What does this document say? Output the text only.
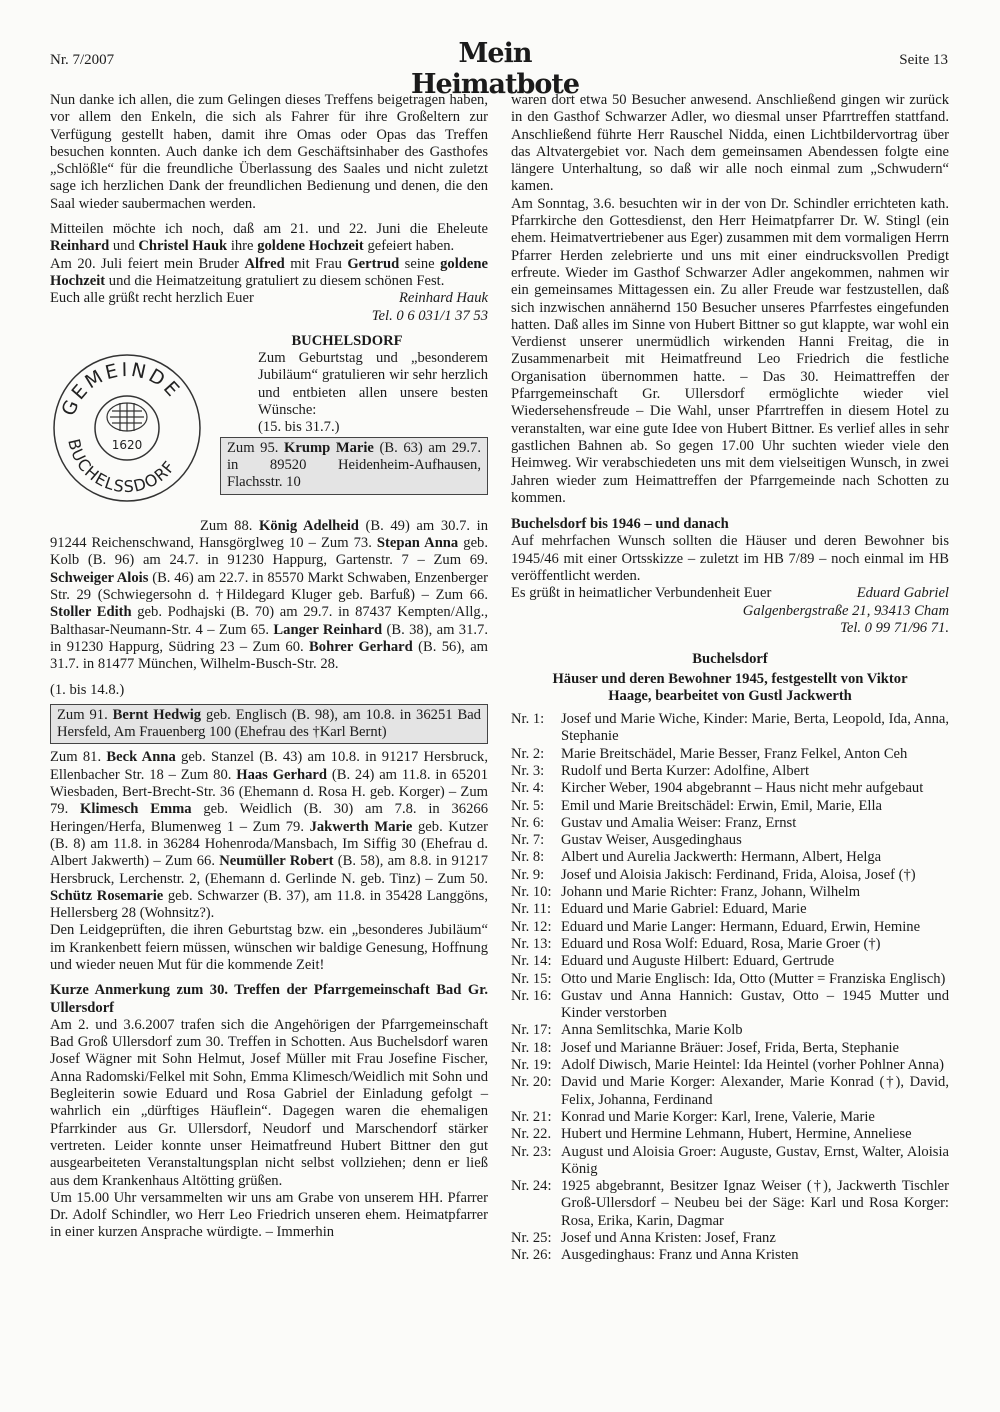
Nr. 7/2007	Mein Heimatbote
Seite 13

Nun danke ich allen, die zum Gelingen dieses Treffens beigetragen haben, vor allem den Enkeln, die sich als Fahrer für ihre Großeltern zur Verfügung gestellt haben, damit ihre Omas oder Opas das Treffen besuchen konnten. Auch danke ich dem Geschäftsinhaber des Gasthofes „Schlößle“ für die freundliche Überlassung des Saales und nicht zuletzt sage ich herzlichen Dank der freundlichen Bedienung und denen, die den Saal wieder saubermachen werden.

Mitteilen möchte ich noch, daß am 21. und 22. Juni die Eheleute Reinhard und Christel Hauk ihre goldene Hochzeit gefeiert haben.

Am 20. Juli feiert mein Bruder Alfred mit Frau Gertrud seine goldene Hochzeit und die Heimatzeitung gratuliert zu diesem schönen Fest.

Euch alle grüßt recht herzlich Euer	Reinhard Hauk

Tel. 0 6 031/1 37 53

GEMEINDE
BUCHELSSDORF
1620

BUCHELSDORF

Zum Geburtstag und „besonderem Jubiläum“ gratulieren wir sehr herzlich und entbieten allen unsere besten Wünsche:

(15. bis 31.7.)

Zum 95. Krump Marie (B. 63) am 29.7. in 89520 Heidenheim-Aufhausen, Flachsstr. 10

Zum 88. König Adelheid (B. 49) am 30.7. in 91244 Reichenschwand, Hansgörglweg 10 – Zum 73. Stepan Anna geb. Kolb (B. 96) am 24.7. in 91230 Happurg, Gartenstr. 7 – Zum 69. Schweiger Alois (B. 46) am 22.7. in 85570 Markt Schwaben, Enzenberger Str. 29 (Schwiegersohn d. †Hildegard Kluger geb. Barfuß) – Zum 66. Stoller Edith geb. Podhajski (B. 70) am 29.7. in 87437 Kempten/Allg., Balthasar-Neumann-Str. 4 – Zum 65. Langer Reinhard (B. 38), am 31.7. in 91230 Happurg, Südring 23 – Zum 60. Bohrer Gerhard (B. 56), am 31.7. in 81477 München, Wilhelm-Busch-Str. 28.

(1. bis 14.8.)

Zum 91. Bernt Hedwig geb. Englisch (B. 98), am 10.8. in 36251 Bad Hersfeld, Am Frauenberg 100 (Ehefrau des †Karl Bernt)

Zum 81. Beck Anna geb. Stanzel (B. 43) am 10.8. in 91217 Hersbruck, Ellenbacher Str. 18 – Zum 80. Haas Gerhard (B. 24) am 11.8. in 65201 Wiesbaden, Bert-Brecht-Str. 36 (Ehemann d. Rosa H. geb. Korger) – Zum 79. Klimesch Emma geb. Weidlich (B. 30) am 7.8. in 36266 Heringen/Herfa, Blumenweg 1 – Zum 79. Jakwerth Marie geb. Kutzer (B. 8) am 11.8. in 36284 Hohenroda/Mansbach, Im Siffig 30 (Ehefrau d. Albert Jakwerth) – Zum 66. Neumüller Robert (B. 58), am 8.8. in 91217 Hersbruck, Lerchenstr. 2, (Ehemann d. Gerlinde N. geb. Tinz) – Zum 50. Schütz Rosemarie geb. Schwarzer (B. 37), am 11.8. in 35428 Langgöns, Hellersberg 28 (Wohnsitz?).

Den Leidgeprüften, die ihren Geburtstag bzw. ein „besonderes Jubiläum“ im Krankenbett feiern müssen, wünschen wir baldige Genesung, Hoffnung und wieder neuen Mut für die kommende Zeit!

Kurze Anmerkung zum 30. Treffen der Pfarrgemeinschaft Bad Gr. Ullersdorf

Am 2. und 3.6.2007 trafen sich die Angehörigen der Pfarrgemeinschaft Bad Groß Ullersdorf zum 30. Treffen in Schotten. Aus Buchelsdorf waren Josef Wägner mit Sohn Helmut, Josef Müller mit Frau Josefine Fischer, Anna Radomski/Felkel mit Sohn, Emma Klimesch/Weidlich mit Sohn und Begleiterin sowie Eduard und Rosa Gabriel der Einladung gefolgt – wahrlich ein „dürftiges Häuflein“. Dagegen waren die ehemaligen Pfarrkinder aus Gr. Ullersdorf, Neudorf und Marschendorf stärker vertreten. Leider konnte unser Heimatfreund Hubert Bittner den gut ausgearbeiteten Veranstaltungsplan nicht selbst vollziehen; denn er ließ aus dem Krankenhaus Altötting grüßen.

Um 15.00 Uhr versammelten wir uns am Grabe von unserem HH. Pfarrer Dr. Adolf Schindler, wo Herr Leo Friedrich unseren ehem. Heimatpfarrer in einer kurzen Ansprache würdigte. – Immerhin

waren dort etwa 50 Besucher anwesend. Anschließend gingen wir zurück in den Gasthof Schwarzer Adler, wo diesmal unser Pfarrtreffen stattfand. Anschließend führte Herr Rauschel Nidda, einen Lichtbildervortrag über das Altvatergebiet vor. Nach dem gemeinsamen Abendessen folgte eine längere Unterhaltung, so daß wir alle noch einmal zum „Schwudern“ kamen.

Am Sonntag, 3.6. besuchten wir in der von Dr. Schindler errichteten kath. Pfarrkirche den Gottesdienst, den Herr Heimatpfarrer Dr. W. Stingl (ein ehem. Heimatvertriebener aus Eger) zusammen mit dem vormaligen Herrn Pfarrer Herden zelebrierte und uns mit einer eindrucksvollen Predigt erfreute. Wieder im Gasthof Schwarzer Adler angekommen, nahmen wir ein gemeinsames Mittagessen ein. Zu aller Freude war festzustellen, daß sich inzwischen annähernd 150 Besucher unseres Pfarrfestes eingefunden hatten. Daß alles im Sinne von Hubert Bittner so gut klappte, war wohl ein Verdienst unserer unermüdlich wirkenden Hanni Freitag, die in Zusammenarbeit mit Heimatfreund Leo Friedrich die festliche Organisation übernommen hatte. – Das 30. Heimattreffen der Pfarrgemeinschaft Gr. Ullersdorf ermöglichte wieder viel Wiedersehensfreude – Die Wahl, unser Pfarrtreffen in diesem Hotel zu veranstalten, war eine gute Idee von Hubert Bittner. Es verlief alles in sehr gastlichen Bahnen ab. So gegen 17.00 Uhr suchten wieder viele den Heimweg. Wir verabschiedeten uns mit dem vielseitigen Wunsch, in zwei Jahren wieder zum Heimattreffen der Pfarrgemeinde nach Schotten zu kommen.

Buchelsdorf bis 1946 – und danach

Auf mehrfachen Wunsch sollten die Häuser und deren Bewohner bis 1945/46 mit einer Ortsskizze – zuletzt im HB 7/89 – noch einmal im HB veröffentlicht werden.

Es grüßt in heimatlicher Verbundenheit Euer	Eduard Gabriel

Galgenbergstraße 21, 93413 Cham

Tel. 0 99 71/96 71.

Buchelsdorf

Häuser und deren Bewohner 1945, festgestellt von Viktor Haage, bearbeitet von Gustl Jackwerth

Nr. 1:	Josef und Marie Wiche, Kinder: Marie, Berta, Leopold, Ida, Anna, Stephanie
Nr. 2:	Marie Breitschädel, Marie Besser, Franz Felkel, Anton Ceh
Nr. 3:	Rudolf und Berta Kurzer: Adolfine, Albert
Nr. 4:	Kircher Weber, 1904 abgebrannt – Haus nicht mehr aufgebaut
Nr. 5:	Emil und Marie Breitschädel: Erwin, Emil, Marie, Ella
Nr. 6:	Gustav und Amalia Weiser: Franz, Ernst
Nr. 7:	Gustav Weiser, Ausgedinghaus
Nr. 8:	Albert und Aurelia Jackwerth: Hermann, Albert, Helga
Nr. 9:	Josef und Aloisia Jakisch: Ferdinand, Frida, Aloisa, Josef (†)
Nr. 10: Johann und Marie Richter: Franz, Johann, Wilhelm
Nr. 11: Eduard und Marie Gabriel: Eduard, Marie
Nr. 12: Eduard und Marie Langer: Hermann, Eduard, Erwin, Hemine
Nr. 13: Eduard und Rosa Wolf: Eduard, Rosa, Marie Groer (†)
Nr. 14: Eduard und Auguste Hilbert: Eduard, Gertrude
Nr. 15: Otto und Marie Englisch: Ida, Otto (Mutter = Franziska Englisch)
Nr. 16: Gustav und Anna Hannich: Gustav, Otto – 1945 Mutter und Kinder verstorben
Nr. 17: Anna Semlitschka, Marie Kolb
Nr. 18: Josef und Marianne Bräuer: Josef, Frida, Berta, Stephanie
Nr. 19: Adolf Diwisch, Marie Heintel: Ida Heintel (vorher Pohlner Anna)
Nr. 20: David und Marie Korger: Alexander, Marie Konrad (†), David, Felix, Johanna, Ferdinand
Nr. 21: Konrad und Marie Korger: Karl, Irene, Valerie, Marie
Nr. 22. Hubert und Hermine Lehmann, Hubert, Hermine, Anneliese
Nr. 23: August und Aloisia Groer: Auguste, Gustav, Ernst, Walter, Aloisia König
Nr. 24: 1925 abgebrannt, Besitzer Ignaz Weiser (†), Jackwerth Tischler Groß-Ullersdorf – Neubeu bei der Säge: Karl und Rosa Korger: Rosa, Erika, Karin, Dagmar
Nr. 25: Josef und Anna Kristen: Josef, Franz
Nr. 26: Ausgedinghaus: Franz und Anna Kristen
